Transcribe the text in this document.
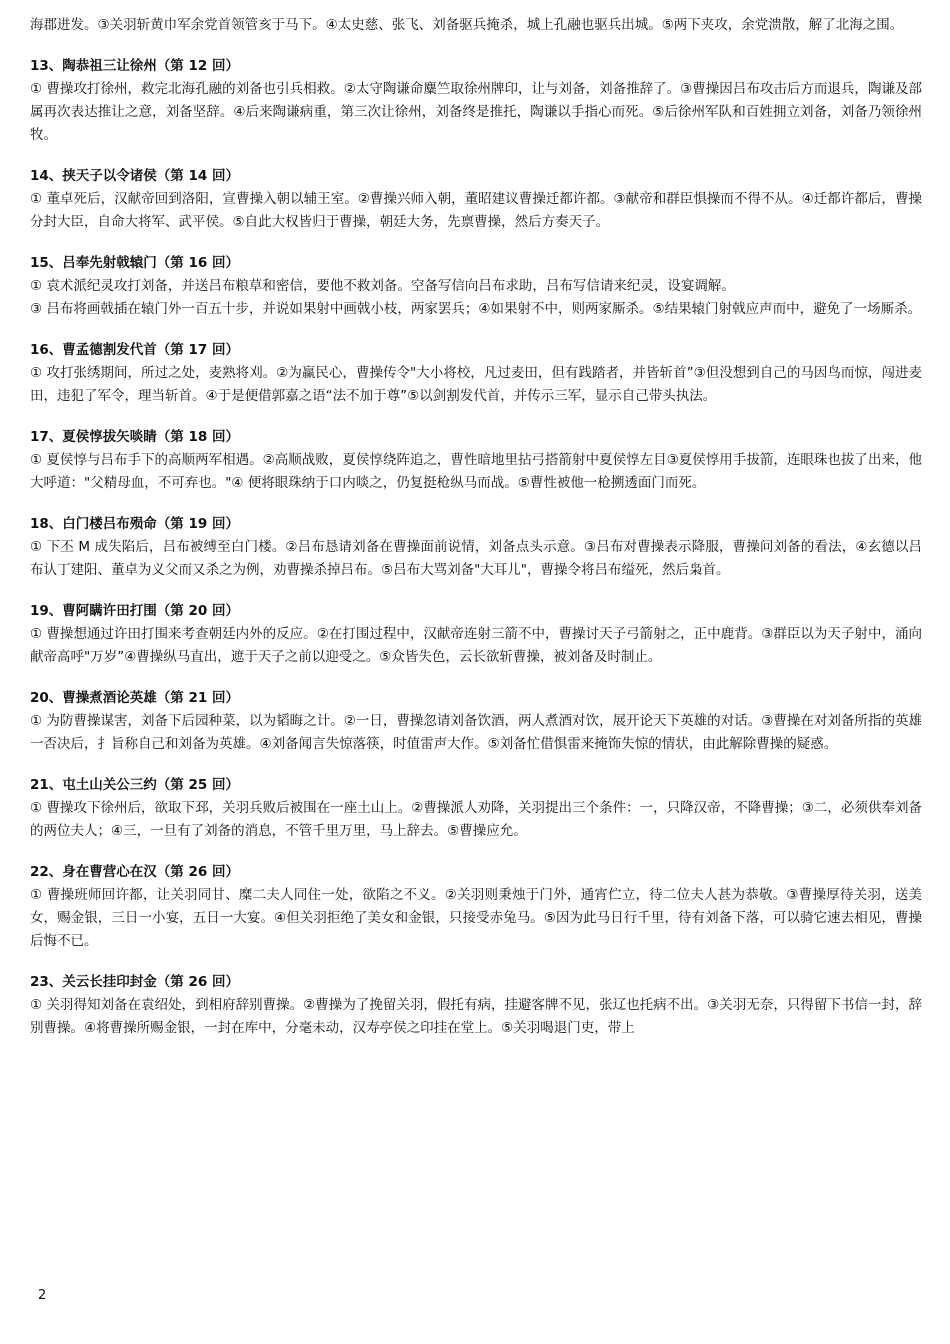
海郡进发。③关羽斩黄巾军余党首领管亥于马下。④太史慈、张飞、刘备驱兵掩杀，城上孔融也驱兵出城。⑤两下夹攻，余党溃散，解了北海之围。

13、陶恭祖三让徐州（第 12 回）

① 曹操攻打徐州，救完北海孔融的刘备也引兵相救。②太守陶谦命麋竺取徐州牌印，让与刘备，刘备推辞了。③曹操因吕布攻击后方而退兵，陶谦及部属再次表达推让之意，刘备坚辞。④后来陶谦病重，第三次让徐州，刘备终是推托，陶谦以手指心而死。⑤后徐州军队和百姓拥立刘备，刘备乃领徐州牧。

14、挟天子以令诸侯（第 14 回）

① 董卓死后，汉献帝回到洛阳，宣曹操入朝以辅王室。②曹操兴师入朝，董昭建议曹操迁都许都。③献帝和群臣惧操而不得不从。④迁都许都后，曹操分封大臣，自命大将军、武平侯。⑤自此大权皆归于曹操，朝廷大务，先禀曹操，然后方奏天子。

15、吕奉先射戟辕门（第 16 回）

① 袁术派纪灵攻打刘备，并送吕布粮草和密信，要他不救刘备。空备写信向吕布求助，吕布写信请来纪灵，设宴调解。

③ 吕布将画戟插在辕门外一百五十步，并说如果射中画戟小枝，两家罢兵；④如果射不中，则两家厮杀。⑤结果辕门射戟应声而中，避免了一场厮杀。

16、曹孟德割发代首（第 17 回）

① 攻打张绣期间，所过之处，麦熟将刈。②为赢民心，曹操传令"大小将校，凡过麦田，但有践踏者，并皆斩首”③但没想到自己的马因鸟而惊，闯进麦田，违犯了军令，理当斩首。④于是便借郭嘉之语“法不加于尊”⑤以剑割发代首，并传示三军，显示自己带头执法。

17、夏侯惇拔矢啖睛（第 18 回）

① 夏侯惇与吕布手下的高顺两军相遇。②高顺战败，夏侯惇绕阵追之，曹性暗地里拈弓搭箭射中夏侯惇左目③夏侯惇用手拔箭，连眼珠也拔了出来，他大呼道："父精母血，不可弃也。"④ 便将眼珠纳于口内啖之，仍复挺枪纵马而战。⑤曹性被他一枪搠透面门而死。

18、白门楼吕布殒命（第 19 回）

① 下丕 M 成失陷后，吕布被缚至白门楼。②吕布恳请刘备在曹操面前说情，刘备点头示意。③吕布对曹操表示降服，曹操问刘备的看法，④玄德以吕布认丁建阳、董卓为义父而又杀之为例，劝曹操杀掉吕布。⑤吕布大骂刘备"大耳儿"，曹操令将吕布缢死，然后枭首。

19、曹阿瞒许田打围（第 20 回）

① 曹操想通过许田打围来考查朝廷内外的反应。②在打围过程中，汉献帝连射三箭不中，曹操讨天子弓箭射之，正中鹿背。③群臣以为天子射中，涌向献帝高呼"万岁”④曹操纵马直出，遮于天子之前以迎受之。⑤众皆失色，云长欲斩曹操，被刘备及时制止。

20、曹操煮酒论英雄（第 21 回）

① 为防曹操谋害，刘备下后园种菜，以为韬晦之计。②一日，曹操忽请刘备饮酒，两人煮酒对饮，展开论天下英雄的对话。③曹操在对刘备所指的英雄一否决后，扌旨称自己和刘备为英雄。④刘备闻言失惊落筷，时值雷声大作。⑤刘备忙借惧雷来掩饰失惊的情状，由此解除曹操的疑惑。

21、屯土山关公三约（第 25 回）

① 曹操攻下徐州后，欲取下邳，关羽兵败后被围在一座土山上。②曹操派人劝降，关羽提出三个条件：一，只降汉帝，不降曹操；③二，必须供奉刘备的两位夫人；④三，一旦有了刘备的消息，不管千里万里，马上辞去。⑤曹操应允。

22、身在曹营心在汉（第 26 回）

① 曹操班师回许都，让关羽同甘、糜二夫人同住一处，欲陷之不义。②关羽则秉烛于门外，通宵伫立，待二位夫人甚为恭敬。③曹操厚待关羽，送美女，赐金银，三日一小宴，五日一大宴。④但关羽拒绝了美女和金银，只接受赤兔马。⑤因为此马日行千里，待有刘备下落，可以骑它速去相见，曹操后悔不已。

23、关云长挂印封金（第 26 回）

① 关羽得知刘备在袁绍处，到相府辞别曹操。②曹操为了挽留关羽，假托有病，挂避客牌不见，张辽也托病不出。③关羽无奈，只得留下书信一封，辞别曹操。④将曹操所赐金银，一封在库中，分毫未动，汉寿亭侯之印挂在堂上。⑤关羽喝退门吏，带上

2
